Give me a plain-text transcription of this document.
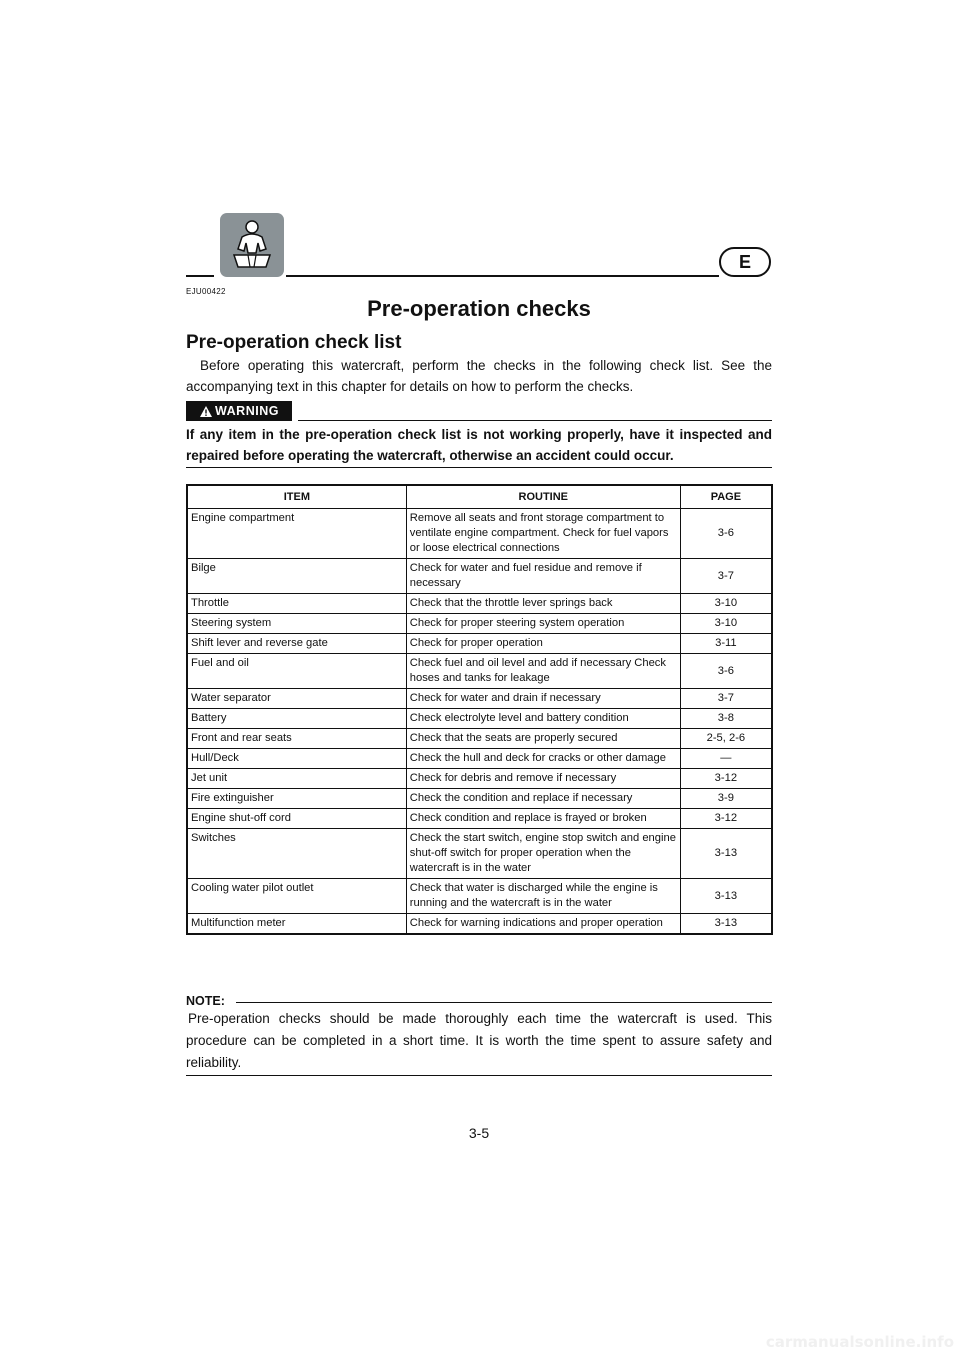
E
EJU00422
Pre-operation checks
Pre-operation check list

Before operating this watercraft, perform the checks in the following check list. See the accompanying text in this chapter for details on how to perform the checks.

WARNING

If any item in the pre-operation check list is not working properly, have it inspected and repaired before operating the watercraft, otherwise an accident could occur.

ITEM	ROUTINE	PAGE
Engine compartment	Remove all seats and front storage compartment to ventilate engine compartment. Check for fuel vapors or loose electrical connections	3-6
Bilge	Check for water and fuel residue and remove if necessary	3-7
Throttle	Check that the throttle lever springs back	3-10
Steering system	Check for proper steering system operation	3-10
Shift lever and reverse gate	Check for proper operation	3-11
Fuel and oil	Check fuel and oil level and add if necessary Check hoses and tanks for leakage	3-6
Water separator	Check for water and drain if necessary	3-7
Battery	Check electrolyte level and battery condition	3-8
Front and rear seats	Check that the seats are properly secured	2-5, 2-6
Hull/Deck	Check the hull and deck for cracks or other damage	—
Jet unit	Check for debris and remove if necessary	3-12
Fire extinguisher	Check the condition and replace if necessary	3-9
Engine shut-off cord	Check condition and replace is frayed or broken	3-12
Switches	Check the start switch, engine stop switch and engine shut-off switch for proper operation when the watercraft is in the water	3-13
Cooling water pilot outlet	Check that water is discharged while the engine is running and the watercraft is in the water	3-13
Multifunction meter	Check for warning indications and proper operation	3-13
NOTE:

Pre-operation checks should be made thoroughly each time the watercraft is used. This procedure can be completed in a short time. It is worth the time spent to assure safety and reliability.

3-5
carmanualsonline.info
